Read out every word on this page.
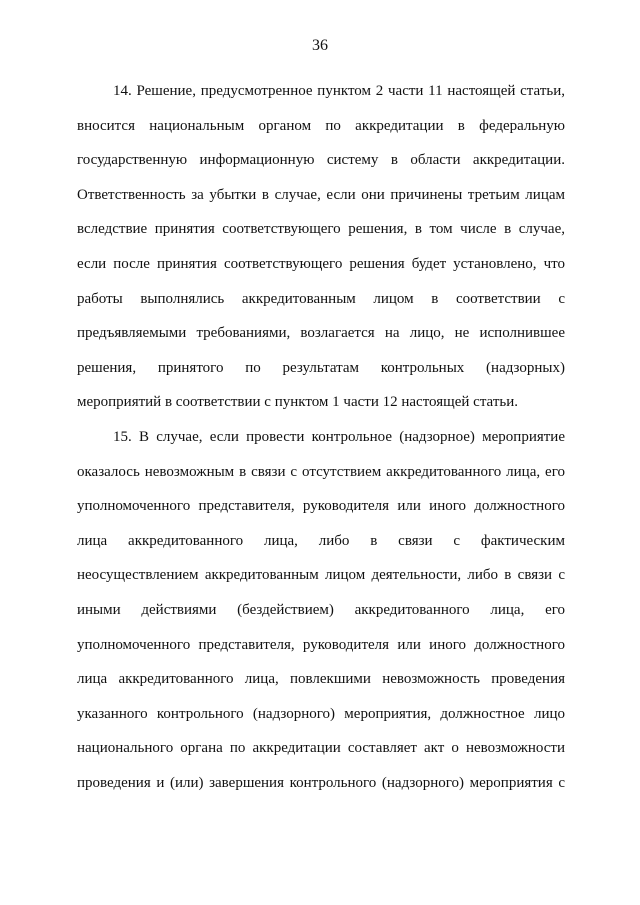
36

14. Решение, предусмотренное пунктом 2 части 11 настоящей статьи,
вносится национальным органом по аккредитации в федеральную
государственную информационную систему в области аккредитации.
Ответственность за убытки в случае, если они причинены третьим лицам
вследствие принятия соответствующего решения, в том числе в случае,
если после принятия соответствующего решения будет установлено, что
работы выполнялись аккредитованным лицом в соответствии с
предъявляемыми требованиями, возлагается на лицо, не исполнившее
решения, принятого по результатам контрольных (надзорных)
мероприятий в соответствии с пунктом 1 части 12 настоящей статьи.

15. В случае, если провести контрольное (надзорное) мероприятие
оказалось невозможным в связи с отсутствием аккредитованного лица, его
уполномоченного представителя, руководителя или иного должностного
лица аккредитованного лица, либо в связи с фактическим
неосуществлением аккредитованным лицом деятельности, либо в связи с
иными действиями (бездействием) аккредитованного лица, его
уполномоченного представителя, руководителя или иного должностного
лица аккредитованного лица, повлекшими невозможность проведения
указанного контрольного (надзорного) мероприятия, должностное лицо
национального органа по аккредитации составляет акт о невозможности
проведения и (или) завершения контрольного (надзорного) мероприятия с
